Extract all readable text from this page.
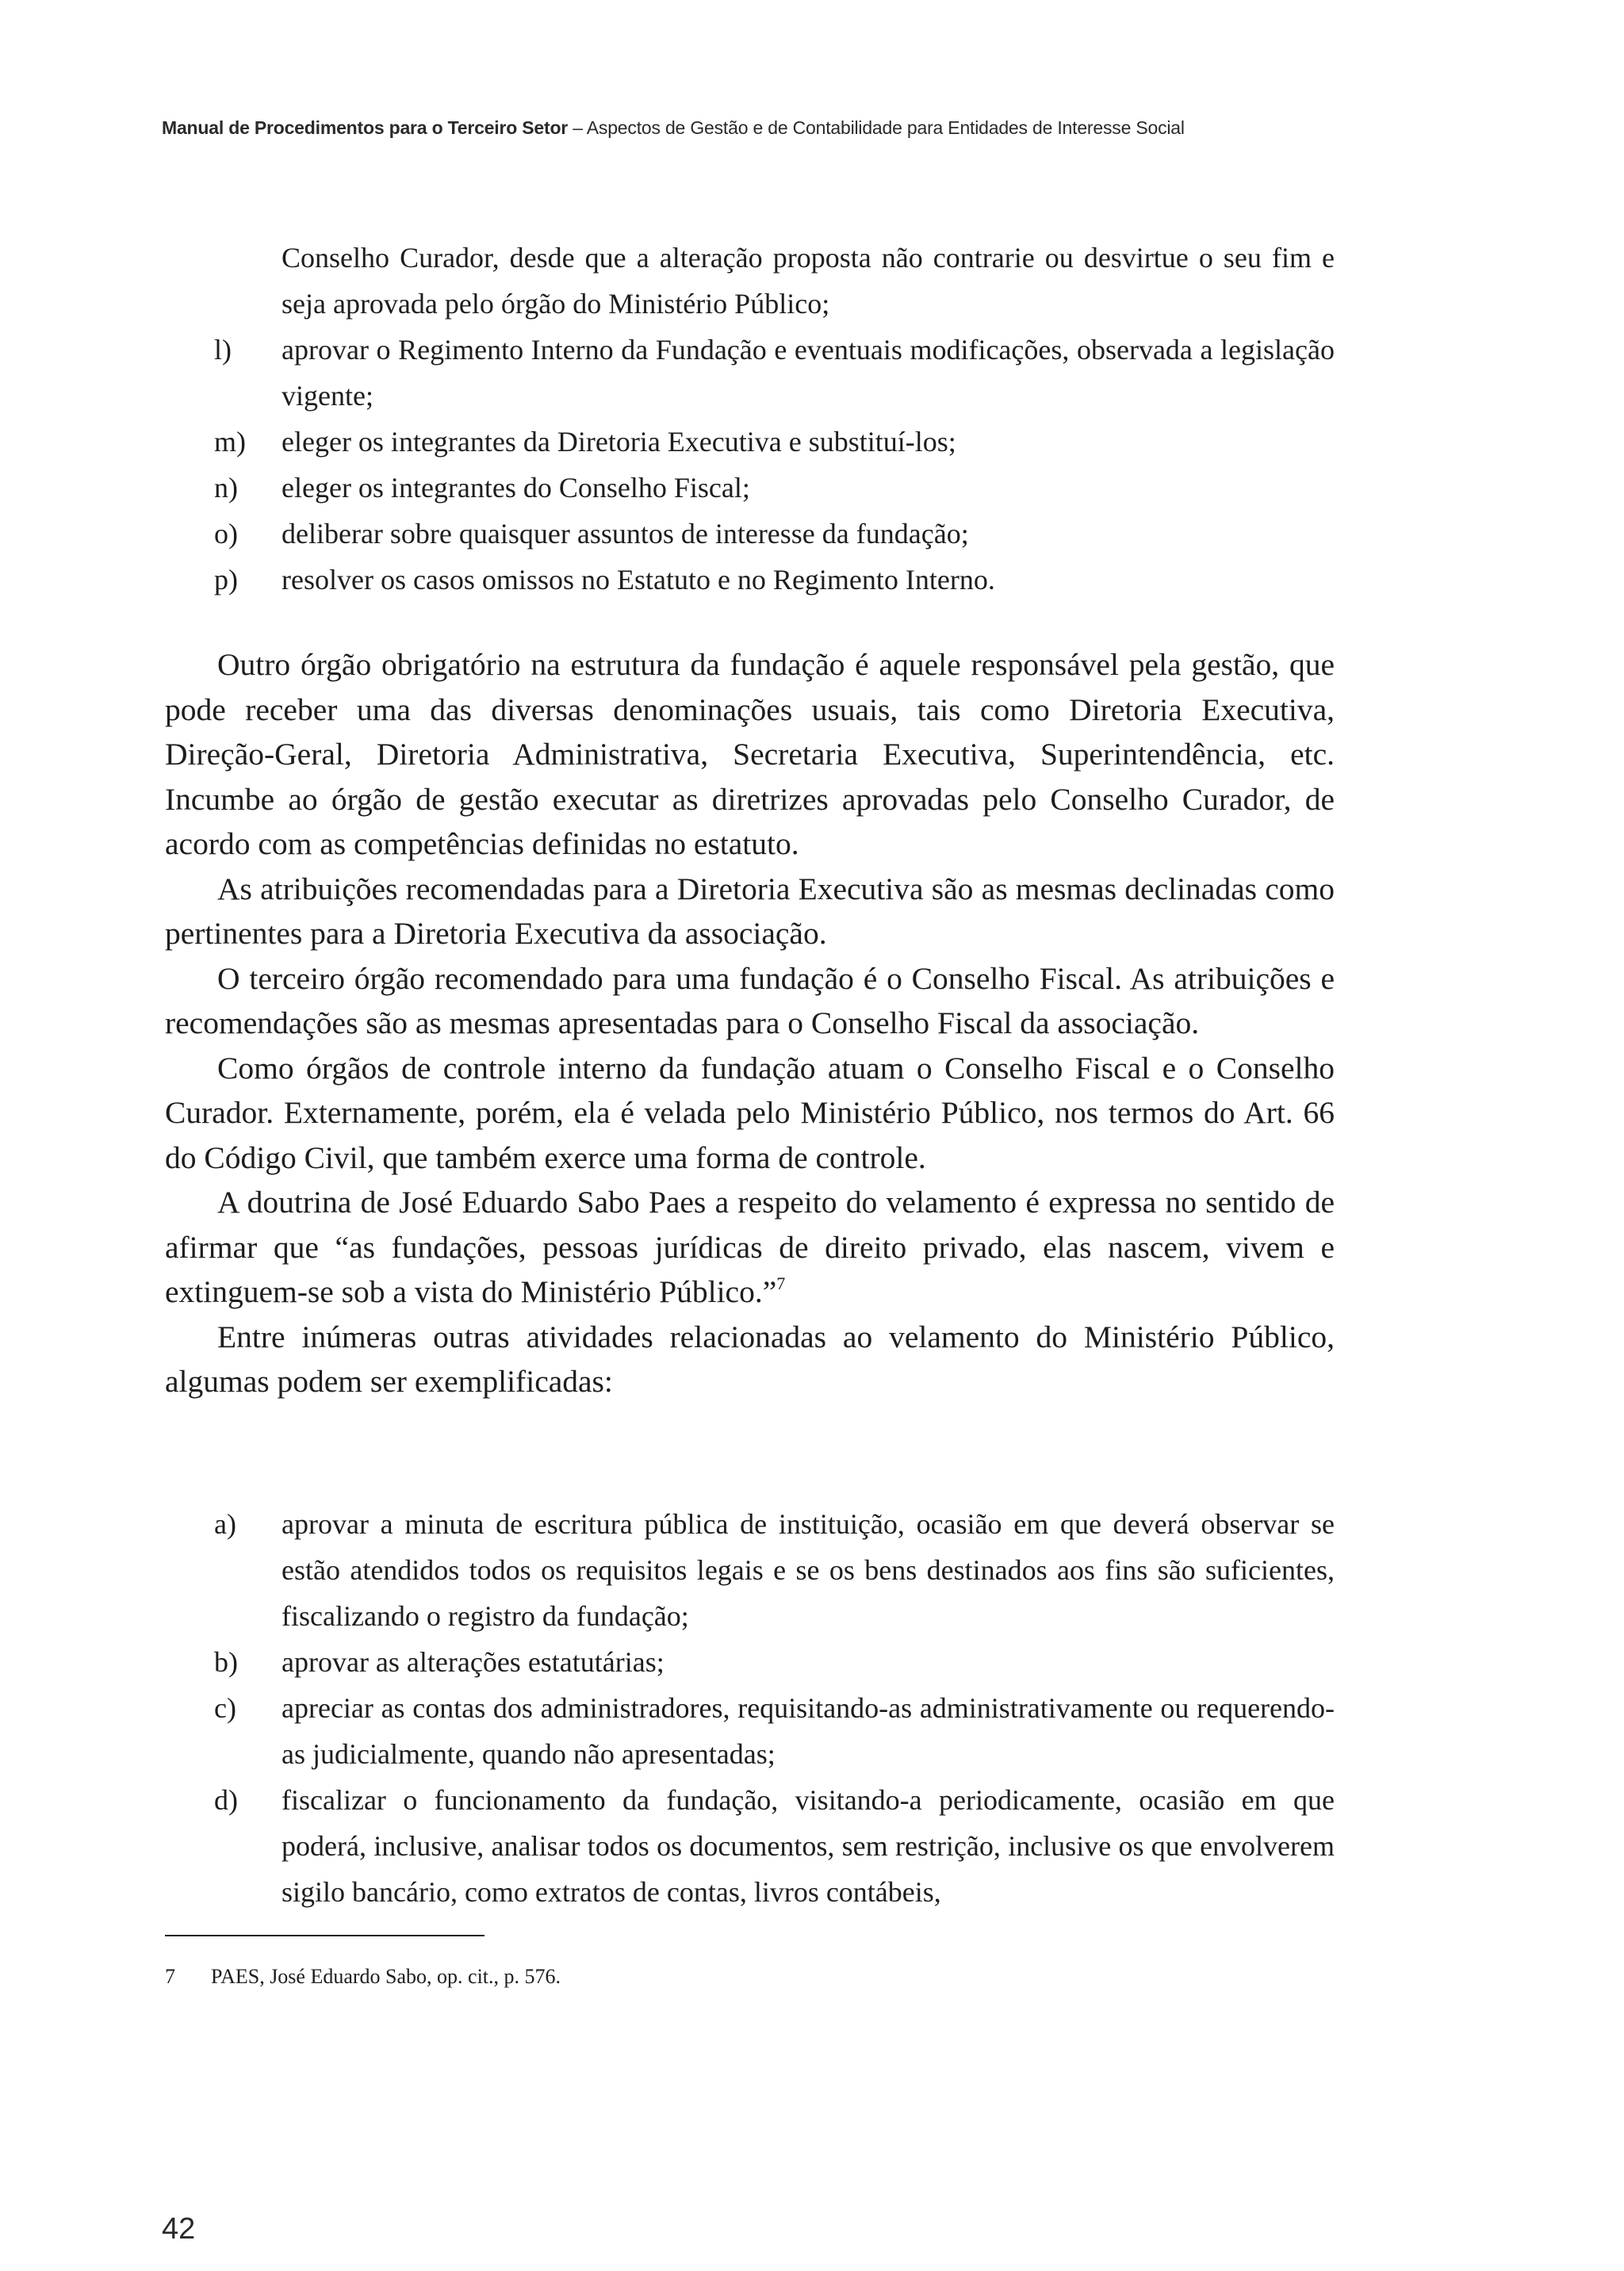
Manual de Procedimentos para o Terceiro Setor – Aspectos de Gestão e de Contabilidade para Entidades de Interesse Social
Conselho Curador, desde que a alteração proposta não contrarie ou desvirtue o seu fim e seja aprovada pelo órgão do Ministério Público;
l) aprovar o Regimento Interno da Fundação e eventuais modificações, observada a legislação vigente;
m) eleger os integrantes da Diretoria Executiva e substituí-los;
n) eleger os integrantes do Conselho Fiscal;
o) deliberar sobre quaisquer assuntos de interesse da fundação;
p) resolver os casos omissos no Estatuto e no Regimento Interno.

Outro órgão obrigatório na estrutura da fundação é aquele responsável pela gestão, que pode receber uma das diversas denominações usuais, tais como Diretoria Executiva, Direção-Geral, Diretoria Administrativa, Secretaria Executiva, Superintendência, etc. Incumbe ao órgão de gestão executar as diretrizes aprovadas pelo Conselho Curador, de acordo com as competências definidas no estatuto.

As atribuições recomendadas para a Diretoria Executiva são as mesmas declinadas como pertinentes para a Diretoria Executiva da associação.

O terceiro órgão recomendado para uma fundação é o Conselho Fiscal. As atribuições e recomendações são as mesmas apresentadas para o Conselho Fiscal da associação.

Como órgãos de controle interno da fundação atuam o Conselho Fiscal e o Conselho Curador. Externamente, porém, ela é velada pelo Ministério Público, nos termos do Art. 66 do Código Civil, que também exerce uma forma de controle.

A doutrina de José Eduardo Sabo Paes a respeito do velamento é expressa no sentido de afirmar que “as fundações, pessoas jurídicas de direito privado, elas nascem, vivem e extinguem-se sob a vista do Ministério Público.”$^7$

Entre inúmeras outras atividades relacionadas ao velamento do Ministério Público, algumas podem ser exemplificadas:

a) aprovar a minuta de escritura pública de instituição, ocasião em que deverá observar se estão atendidos todos os requisitos legais e se os bens destinados aos fins são suficientes, fiscalizando o registro da fundação;
b) aprovar as alterações estatutárias;
c) apreciar as contas dos administradores, requisitando-as administrativamente ou requerendo-as judicialmente, quando não apresentadas;
d) fiscalizar o funcionamento da fundação, visitando-a periodicamente, ocasião em que poderá, inclusive, analisar todos os documentos, sem restrição, inclusive os que envolverem sigilo bancário, como extratos de contas, livros contábeis,
7 PAES, José Eduardo Sabo, op. cit., p. 576.
42
